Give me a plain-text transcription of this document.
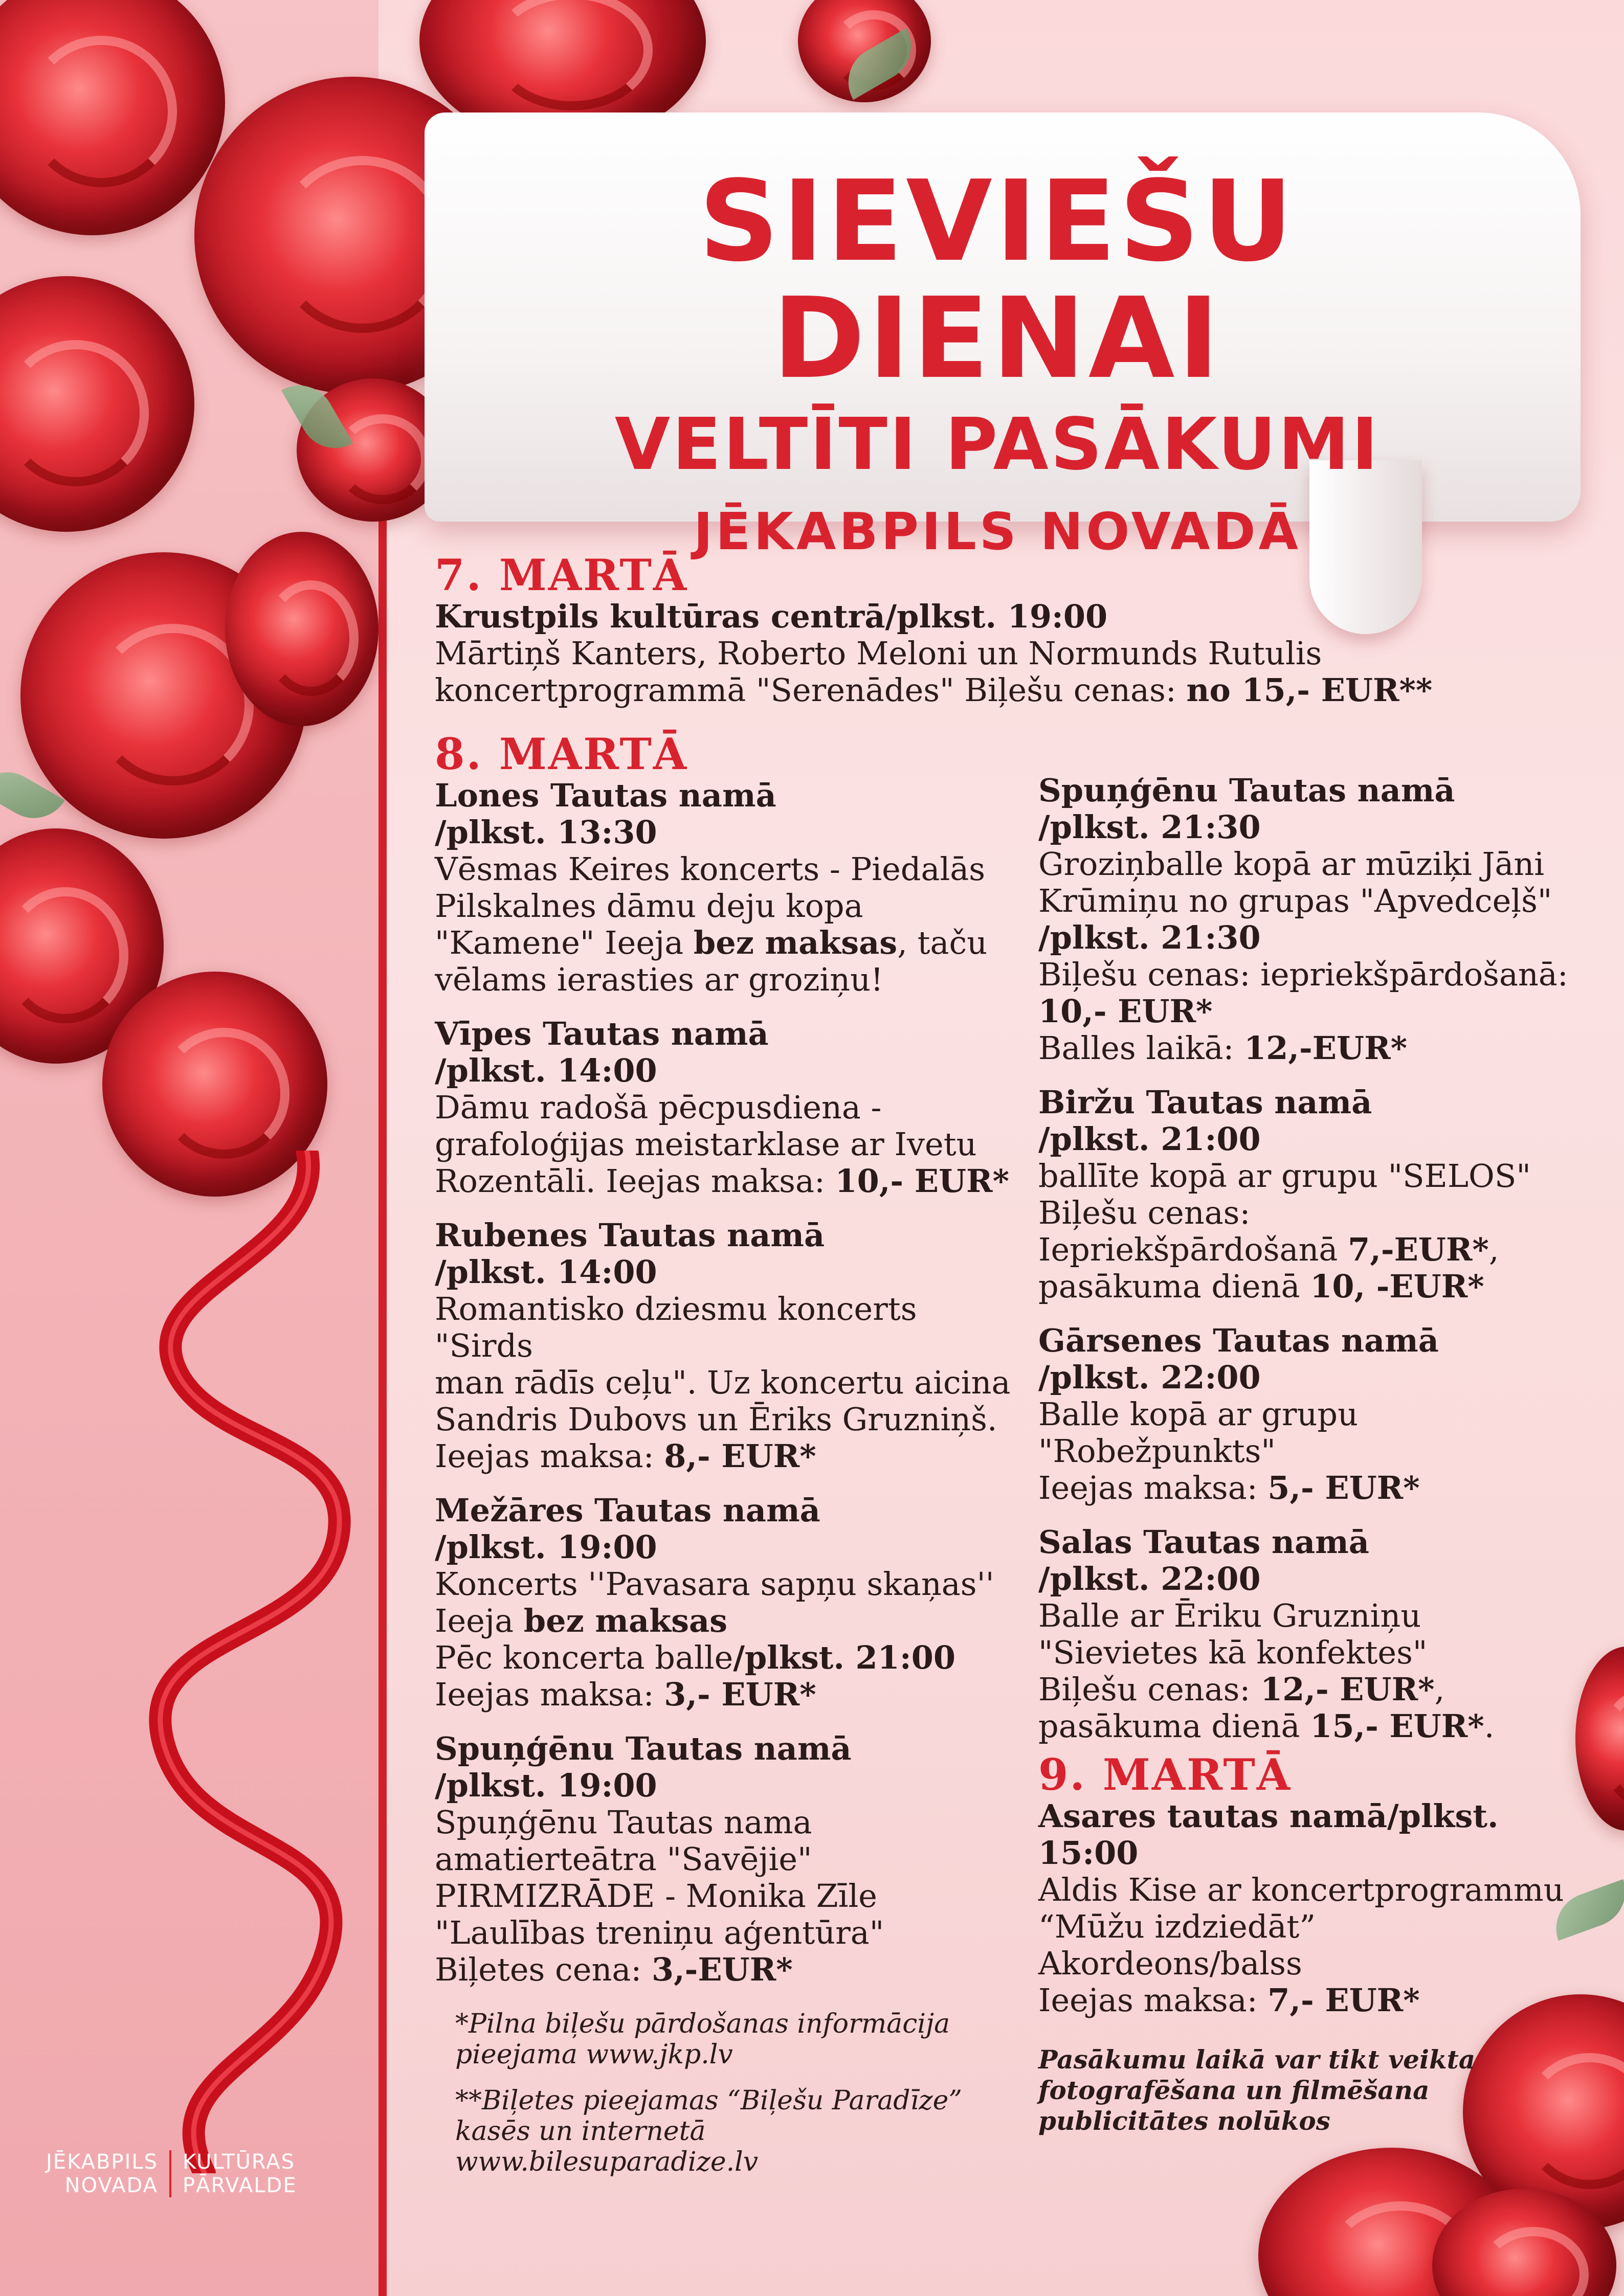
SIEVIEŠU DIENAI
VELTĪTI PASĀKUMI
JĒKABPILS NOVADĀ
7. MARTĀ
Krustpils kultūras centrā/plkst. 19:00
Mārtiņš Kanters, Roberto Meloni un Normunds Rutulis
koncertprogrammā "Serenādes" Biļešu cenas: no 15,- EUR**
8. MARTĀ
Lones Tautas namā
/plkst. 13:30
Vēsmas Keires koncerts - Piedalās
Pilskalnes dāmu deju kopa
"Kamene" Ieeja bez maksas, taču
vēlams ierasties ar groziņu!
Vīpes Tautas namā
/plkst. 14:00
Dāmu radošā pēcpusdiena -
grafoloģijas meistarklase ar Ivetu
Rozentāli. Ieejas maksa: 10,- EUR*
Rubenes Tautas namā
/plkst. 14:00
Romantisko dziesmu koncerts "Sirds
man rādīs ceļu". Uz koncertu aicina
Sandris Dubovs un Ēriks Gruzniņš.
Ieejas maksa: 8,- EUR*
Mežāres Tautas namā
/plkst. 19:00
Koncerts ''Pavasara sapņu skaņas''
Ieeja bez maksas
Pēc koncerta balle/plkst. 21:00
Ieejas maksa: 3,- EUR*
Spuņģēnu Tautas namā
/plkst. 19:00
Spuņģēnu Tautas nama
amatierteātra "Savējie"
PIRMIZRĀDE - Monika Zīle
"Laulības treniņu aģentūra"
Biļetes cena: 3,-EUR*
*Pilna biļešu pārdošanas informācija
pieejama www.jkp.lv
**Biļetes pieejamas “Biļešu Paradīze”
kasēs un internetā
www.bilesuparadize.lv
Spuņģēnu Tautas namā
/plkst. 21:30
Groziņballe kopā ar mūziķi Jāni
Krūmiņu no grupas "Apvedceļš"
/plkst. 21:30
Biļešu cenas: iepriekšpārdošanā:
10,- EUR*
Balles laikā: 12,-EUR*
Biržu Tautas namā
/plkst. 21:00
ballīte kopā ar grupu "SELOS"
Biļešu cenas:
Iepriekšpārdošanā 7,-EUR*,
pasākuma dienā 10, -EUR*
Gārsenes Tautas namā
/plkst. 22:00
Balle kopā ar grupu
"Robežpunkts"
Ieejas maksa: 5,- EUR*
Salas Tautas namā
/plkst. 22:00
Balle ar Ēriku Gruzniņu
"Sievietes kā konfektes"
Biļešu cenas: 12,- EUR*,
pasākuma dienā 15,- EUR*.
9. MARTĀ
Asares tautas namā/plkst. 15:00
Aldis Kise ar koncertprogrammu
“Mūžu izdziedāt”
Akordeons/balss
Ieejas maksa: 7,- EUR*
Pasākumu laikā var tikt veikta
fotografēšana un filmēšana
publicitātes nolūkos
JĒKABPILS
NOVADA
KULTŪRAS
PĀRVALDE
